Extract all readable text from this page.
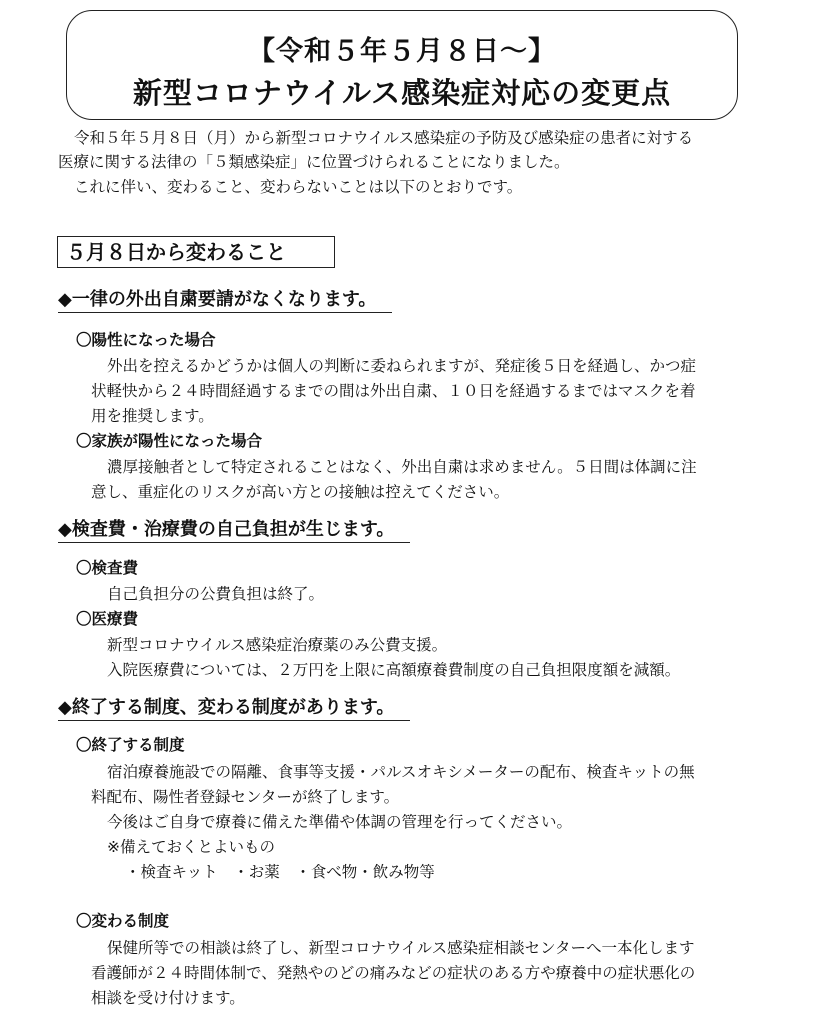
【令和５年５月８日〜】
新型コロナウイルス感染症対応の変更点
令和５年５月８日（月）から新型コロナウイルス感染症の予防及び感染症の患者に対する
医療に関する法律の「５類感染症」に位置づけられることになりました。
これに伴い、変わること、変わらないことは以下のとおりです。
５月８日から変わること
◆一律の外出自粛要請がなくなります。
〇陽性になった場合
外出を控えるかどうかは個人の判断に委ねられますが、発症後５日を経過し、かつ症
状軽快から２４時間経過するまでの間は外出自粛、１０日を経過するまではマスクを着
用を推奨します。
〇家族が陽性になった場合
濃厚接触者として特定されることはなく、外出自粛は求めません。５日間は体調に注
意し、重症化のリスクが高い方との接触は控えてください。
◆検査費・治療費の自己負担が生じます。
〇検査費
自己負担分の公費負担は終了。
〇医療費
新型コロナウイルス感染症治療薬のみ公費支援。
入院医療費については、２万円を上限に高額療養費制度の自己負担限度額を減額。
◆終了する制度、変わる制度があります。
〇終了する制度
宿泊療養施設での隔離、食事等支援・パルスオキシメーターの配布、検査キットの無
料配布、陽性者登録センターが終了します。
今後はご自身で療養に備えた準備や体調の管理を行ってください。
※備えておくとよいもの
・検査キット　・お薬　・食べ物・飲み物等
〇変わる制度
保健所等での相談は終了し、新型コロナウイルス感染症相談センターへ一本化します
看護師が２４時間体制で、発熱やのどの痛みなどの症状のある方や療養中の症状悪化の
相談を受け付けます。
